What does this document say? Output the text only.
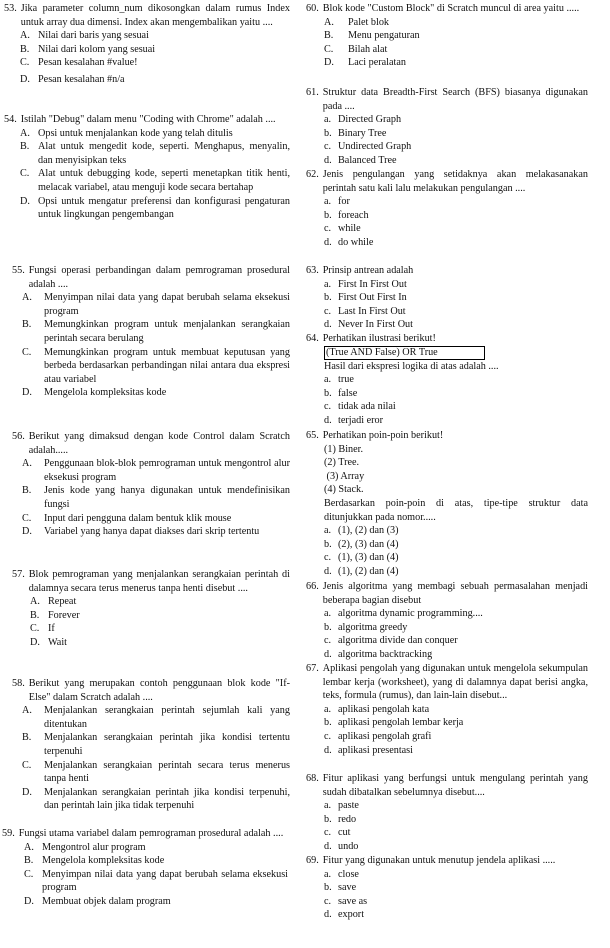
53. Jika parameter column_num dikosongkan dalam rumus Index untuk array dua dimensi. Index akan mengembalikan yaitu ....
A. Nilai dari baris yang sesuai
B. Nilai dari kolom yang sesuai
C. Pesan kesalahan #value!
D. Pesan kesalahan #n/a
54. Istilah "Debug" dalam menu "Coding with Chrome" adalah ....
A. Opsi untuk menjalankan kode yang telah ditulis
B. Alat untuk mengedit kode, seperti. Menghapus, menyalin, dan menyisipkan teks
C. Alat untuk debugging kode, seperti menetapkan titik henti, melacak variabel, atau menguji kode secara bertahap
D. Opsi untuk mengatur preferensi dan konfigurasi pengaturan untuk lingkungan pengembangan
55. Fungsi operasi perbandingan dalam pemrograman prosedural adalah ....
A.	Menyimpan nilai data yang dapat berubah selama eksekusi program
B.	Memungkinkan program untuk menjalankan serangkaian perintah secara berulang
C.	Memungkinkan program untuk membuat keputusan yang berbeda berdasarkan perbandingan nilai antara dua ekspresi atau variabel
D.	Mengelola kompleksitas kode
56. Berikut yang dimaksud dengan kode Control dalam Scratch adalah.....
A.	Penggunaan blok-blok pemrograman untuk mengontrol alur eksekusi program
B.	Jenis kode yang hanya digunakan untuk mendefinisikan fungsi
C.	Input dari pengguna dalam bentuk klik mouse
D.	Variabel yang hanya dapat diakses dari skrip tertentu
57. Blok pemrograman yang menjalankan serangkaian perintah di dalamnya secara terus menerus tanpa henti disebut ....
A. Repeat
B. Forever
C. If
D. Wait
58. Berikut yang merupakan contoh penggunaan blok kode "If-Else" dalam Scratch adalah ....
A.	Menjalankan serangkaian perintah sejumlah kali yang ditentukan
B.	Menjalankan serangkaian perintah jika kondisi tertentu terpenuhi
C.	Menjalankan serangkaian perintah secara terus menerus tanpa henti
D.	Menjalankan serangkaian perintah jika kondisi terpenuhi, dan perintah lain jika tidak terpenuhi
59. Fungsi utama variabel dalam pemrograman prosedural adalah ....
A. Mengontrol alur program
B. Mengelola kompleksitas kode
C. Menyimpan nilai data yang dapat berubah selama eksekusi program
D. Membuat objek dalam program
60. Blok kode "Custom Block" di Scratch muncul di area yaitu .....
A.	Palet blok
B.	Menu pengaturan
C.	Bilah alat
D.	Laci peralatan
61. Struktur data Breadth-First Search (BFS) biasanya digunakan pada ....
a. Directed Graph
b. Binary Tree
c. Undirected Graph
d. Balanced Tree
62. Jenis pengulangan yang setidaknya akan melakasanakan perintah satu kali lalu melakukan pengulangan ....
a. for
b. foreach
c. while
d. do while
63. Prinsip antrean adalah
a. First In First Out
b. First Out First In
c. Last In First Out
d. Never In First Out
64. Perhatikan ilustrasi berikut!
(True AND False) OR True
Hasil dari ekspresi logika di atas adalah ....
a. true
b. false
c. tidak ada nilai
d. terjadi eror
65. Perhatikan poin-poin berikut!
(1) Biner.
(2) Tree.
(3) Array
(4) Stack.
Berdasarkan poin-poin di atas, tipe-tipe struktur data ditunjukkan pada nomor.....
a. (1), (2) dan (3)
b. (2), (3) dan (4)
c. (1), (3) dan (4)
d. (1), (2) dan (4)
66. Jenis algoritma yang membagi sebuah permasalahan menjadi beberapa bagian disebut
a. algoritma dynamic programming....
b. algoritma greedy
c. algoritma divide dan conquer
d. algoritma backtracking
67. Aplikasi pengolah yang digunakan untuk mengelola sekumpulan lembar kerja (worksheet), yang di dalamnya dapat berisi angka, teks, formula (rumus), dan lain-lain disebut...
a. aplikasi pengolah kata
b. aplikasi pengolah lembar kerja
c. aplikasi pengolah grafi
d. aplikasi presentasi
68. Fitur aplikasi yang berfungsi untuk mengulang perintah yang sudah dibatalkan sebelumnya disebut....
a. paste
b. redo
c. cut
d. undo
69. Fitur yang digunakan untuk menutup jendela aplikasi .....
a. close
b. save
c. save as
d. export
